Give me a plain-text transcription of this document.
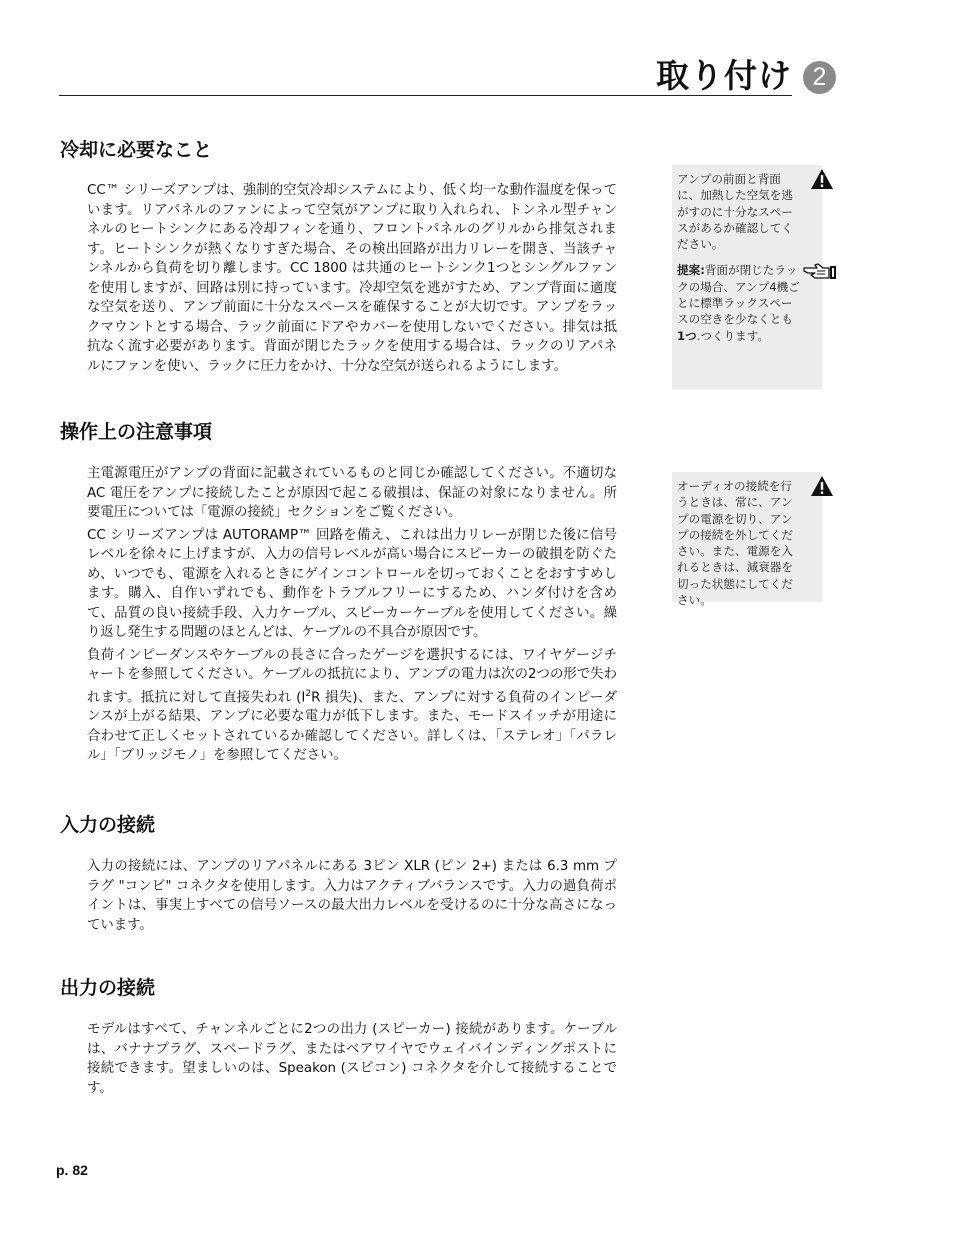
取り付け 2
冷却に必要なこと

CC™ シリーズアンプは、強制的空気冷却システムにより、低く均一な動作温度を保っています。リアパネルのファンによって空気がアンプに取り入れられ、トンネル型チャンネルのヒートシンクにある冷却フィンを通り、フロントパネルのグリルから排気されます。ヒートシンクが熱くなりすぎた場合、その検出回路が出力リレーを開き、当該チャンネルから負荷を切り離します。CC 1800 は共通のヒートシンク1つとシングルファンを使用しますが、回路は別に持っています。冷却空気を逃がすため、アンプ背面に適度な空気を送り、アンプ前面に十分なスペースを確保することが大切です。アンプをラックマウントとする場合、ラック前面にドアやカバーを使用しないでください。排気は抵抗なく流す必要があります。背面が閉じたラックを使用する場合は、ラックのリアパネルにファンを使い、ラックに圧力をかけ、十分な空気が送られるようにします。

操作上の注意事項

主電源電圧がアンプの背面に記載されているものと同じか確認してください。不適切な AC 電圧をアンプに接続したことが原因で起こる破損は、保証の対象になりません。所要電圧については「電源の接続」セクションをご覧ください。

CC シリーズアンプは AUTORAMP™ 回路を備え、これは出力リレーが閉じた後に信号レベルを徐々に上げますが、入力の信号レベルが高い場合にスピーカーの破損を防ぐため、いつでも、電源を入れるときにゲインコントロールを切っておくことをおすすめします。購入、自作いずれでも、動作をトラブルフリーにするため、ハンダ付けを含めて、品質の良い接続手段、入力ケーブル、スピーカーケーブルを使用してください。繰り返し発生する問題のほとんどは、ケーブルの不具合が原因です。

負荷インピーダンスやケーブルの長さに合ったゲージを選択するには、ワイヤゲージチャートを参照してください。ケーブルの抵抗により、アンプの電力は次の2つの形で失われます。抵抗に対して直接失われ ($I^2R$ 損失)、また、アンプに対する負荷のインピーダンスが上がる結果、アンプに必要な電力が低下します。また、モードスイッチが用途に合わせて正しくセットされているか確認してください。詳しくは、「ステレオ」「パラレル」「ブリッジモノ」を参照してください。

入力の接続

入力の接続には、アンプのリアパネルにある 3ピン XLR (ピン 2+) または 6.3 mm プラグ "コンビ" コネクタを使用します。入力はアクティブバランスです。入力の過負荷ポイントは、事実上すべての信号ソースの最大出力レベルを受けるのに十分な高さになっています。

出力の接続

モデルはすべて、チャンネルごとに2つの出力 (スピーカー) 接続があります。ケーブルは、バナナプラグ、スペードラグ、またはベアワイヤでウェイバインディングポストに接続できます。望ましいのは、Speakon (スピコン) コネクタを介して接続することです。

アンプの前面と背面に、加熱した空気を逃がすのに十分なスペースがあるか確認してください。

提案:背面が閉じたラックの場合、アンプ4機ごとに標準ラックスペースの空きを少なくとも1つ.つくります。

オーディオの接続を行うときは、常に、アンプの電源を切り、アンプの接続を外してください。また、電源を入れるときは、減衰器を切った状態にしてください。

p. 82
